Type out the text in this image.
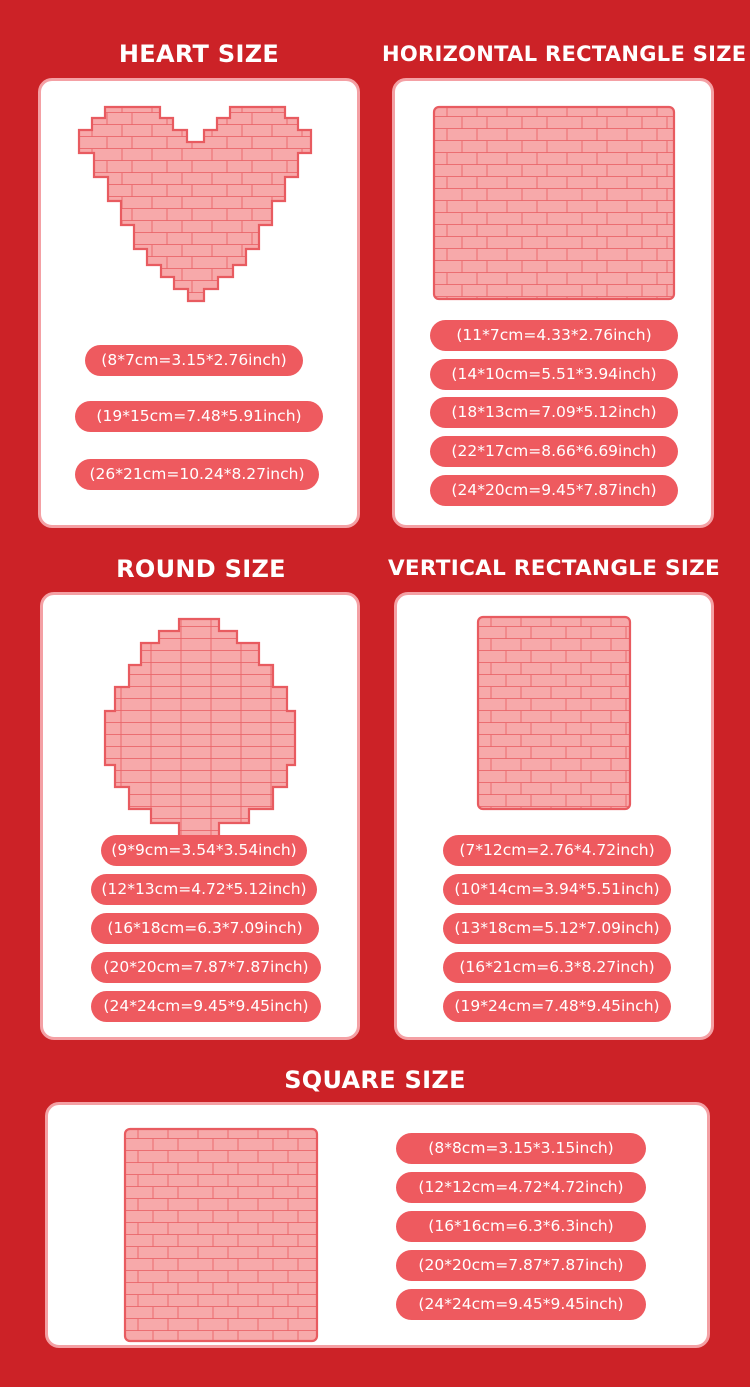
HEART SIZE
(8*7cm=3.15*2.76inch)
(19*15cm=7.48*5.91inch)
(26*21cm=10.24*8.27inch)
HORIZONTAL RECTANGLE SIZE
(11*7cm=4.33*2.76inch)
(14*10cm=5.51*3.94inch)
(18*13cm=7.09*5.12inch)
(22*17cm=8.66*6.69inch)
(24*20cm=9.45*7.87inch)
ROUND SIZE
(9*9cm=3.54*3.54inch)
(12*13cm=4.72*5.12inch)
(16*18cm=6.3*7.09inch)
(20*20cm=7.87*7.87inch)
(24*24cm=9.45*9.45inch)
VERTICAL RECTANGLE SIZE
(7*12cm=2.76*4.72inch)
(10*14cm=3.94*5.51inch)
(13*18cm=5.12*7.09inch)
(16*21cm=6.3*8.27inch)
(19*24cm=7.48*9.45inch)
SQUARE SIZE
(8*8cm=3.15*3.15inch)
(12*12cm=4.72*4.72inch)
(16*16cm=6.3*6.3inch)
(20*20cm=7.87*7.87inch)
(24*24cm=9.45*9.45inch)
